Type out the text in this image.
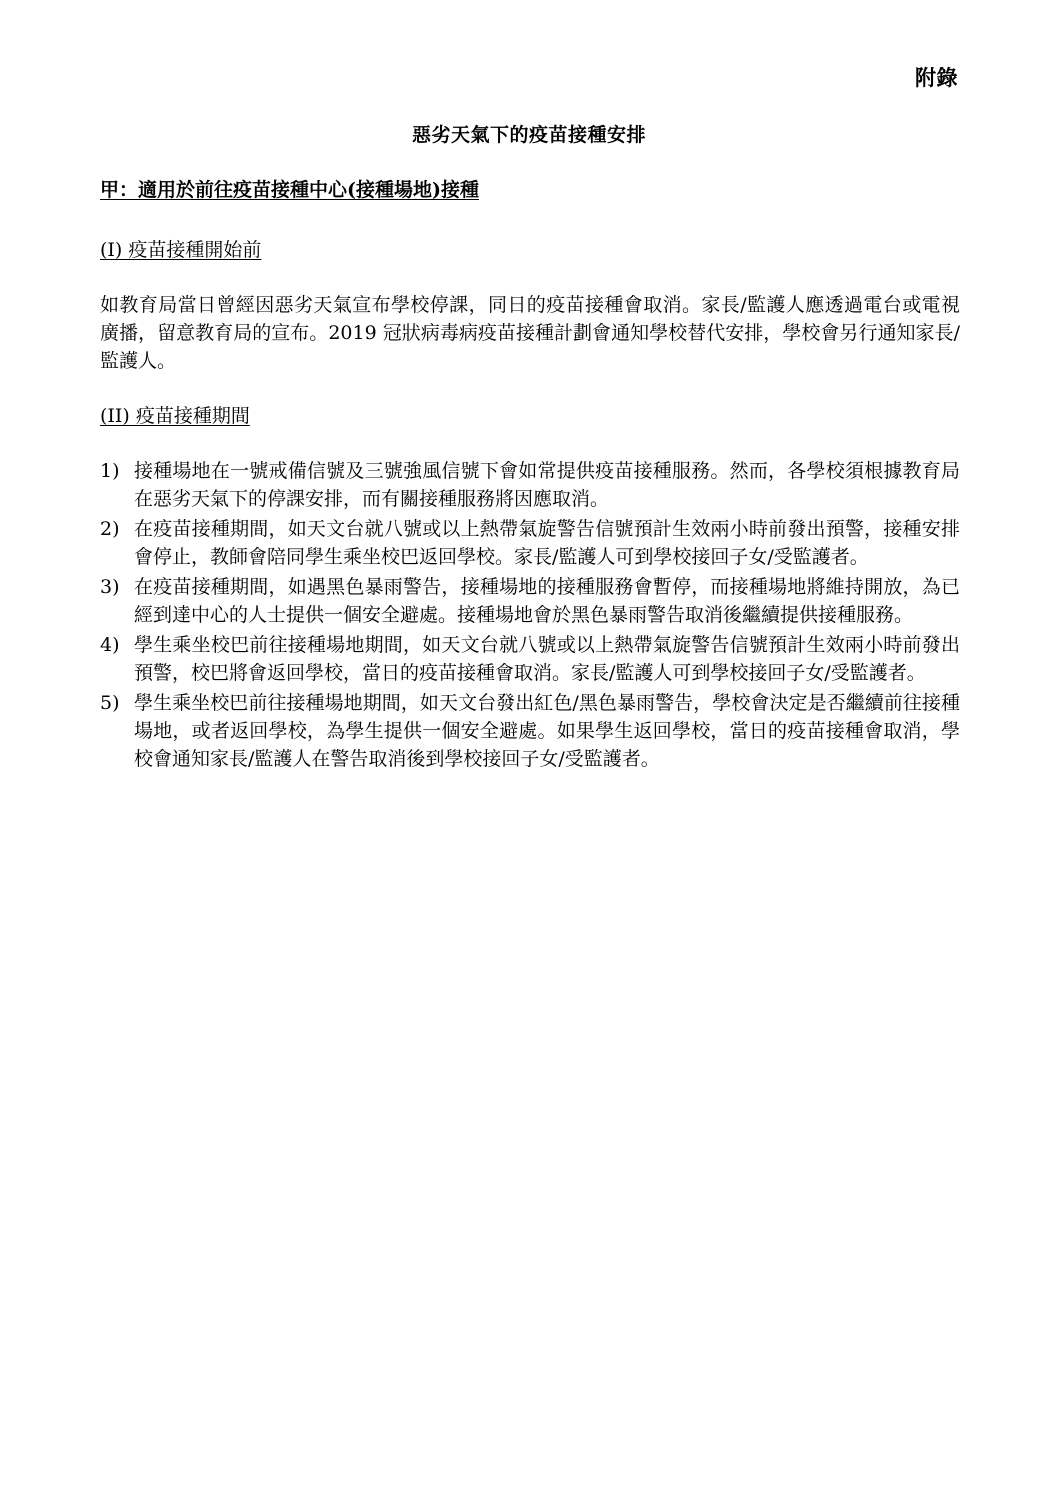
附錄
惡劣天氣下的疫苗接種安排
甲：適用於前往疫苗接種中心(接種場地)接種
(I) 疫苗接種開始前

如教育局當日曾經因惡劣天氣宣布學校停課，同日的疫苗接種會取消。家長/監護人應透過電台或電視廣播，留意教育局的宣布。2019 冠狀病毒病疫苗接種計劃會通知學校替代安排，學校會另行通知家長/監護人。

(II) 疫苗接種期間
1) 接種場地在一號戒備信號及三號強風信號下會如常提供疫苗接種服務。然而，各學校須根據教育局在惡劣天氣下的停課安排，而有關接種服務將因應取消。
2) 在疫苗接種期間，如天文台就八號或以上熱帶氣旋警告信號預計生效兩小時前發出預警，接種安排會停止，教師會陪同學生乘坐校巴返回學校。家長/監護人可到學校接回子女/受監護者。
3) 在疫苗接種期間，如遇黑色暴雨警告，接種場地的接種服務會暫停，而接種場地將維持開放，為已經到達中心的人士提供一個安全避處。接種場地會於黑色暴雨警告取消後繼續提供接種服務。
4) 學生乘坐校巴前往接種場地期間，如天文台就八號或以上熱帶氣旋警告信號預計生效兩小時前發出預警，校巴將會返回學校，當日的疫苗接種會取消。家長/監護人可到學校接回子女/受監護者。
5) 學生乘坐校巴前往接種場地期間，如天文台發出紅色/黑色暴雨警告，學校會決定是否繼續前往接種場地，或者返回學校，為學生提供一個安全避處。如果學生返回學校，當日的疫苗接種會取消，學校會通知家長/監護人在警告取消後到學校接回子女/受監護者。
